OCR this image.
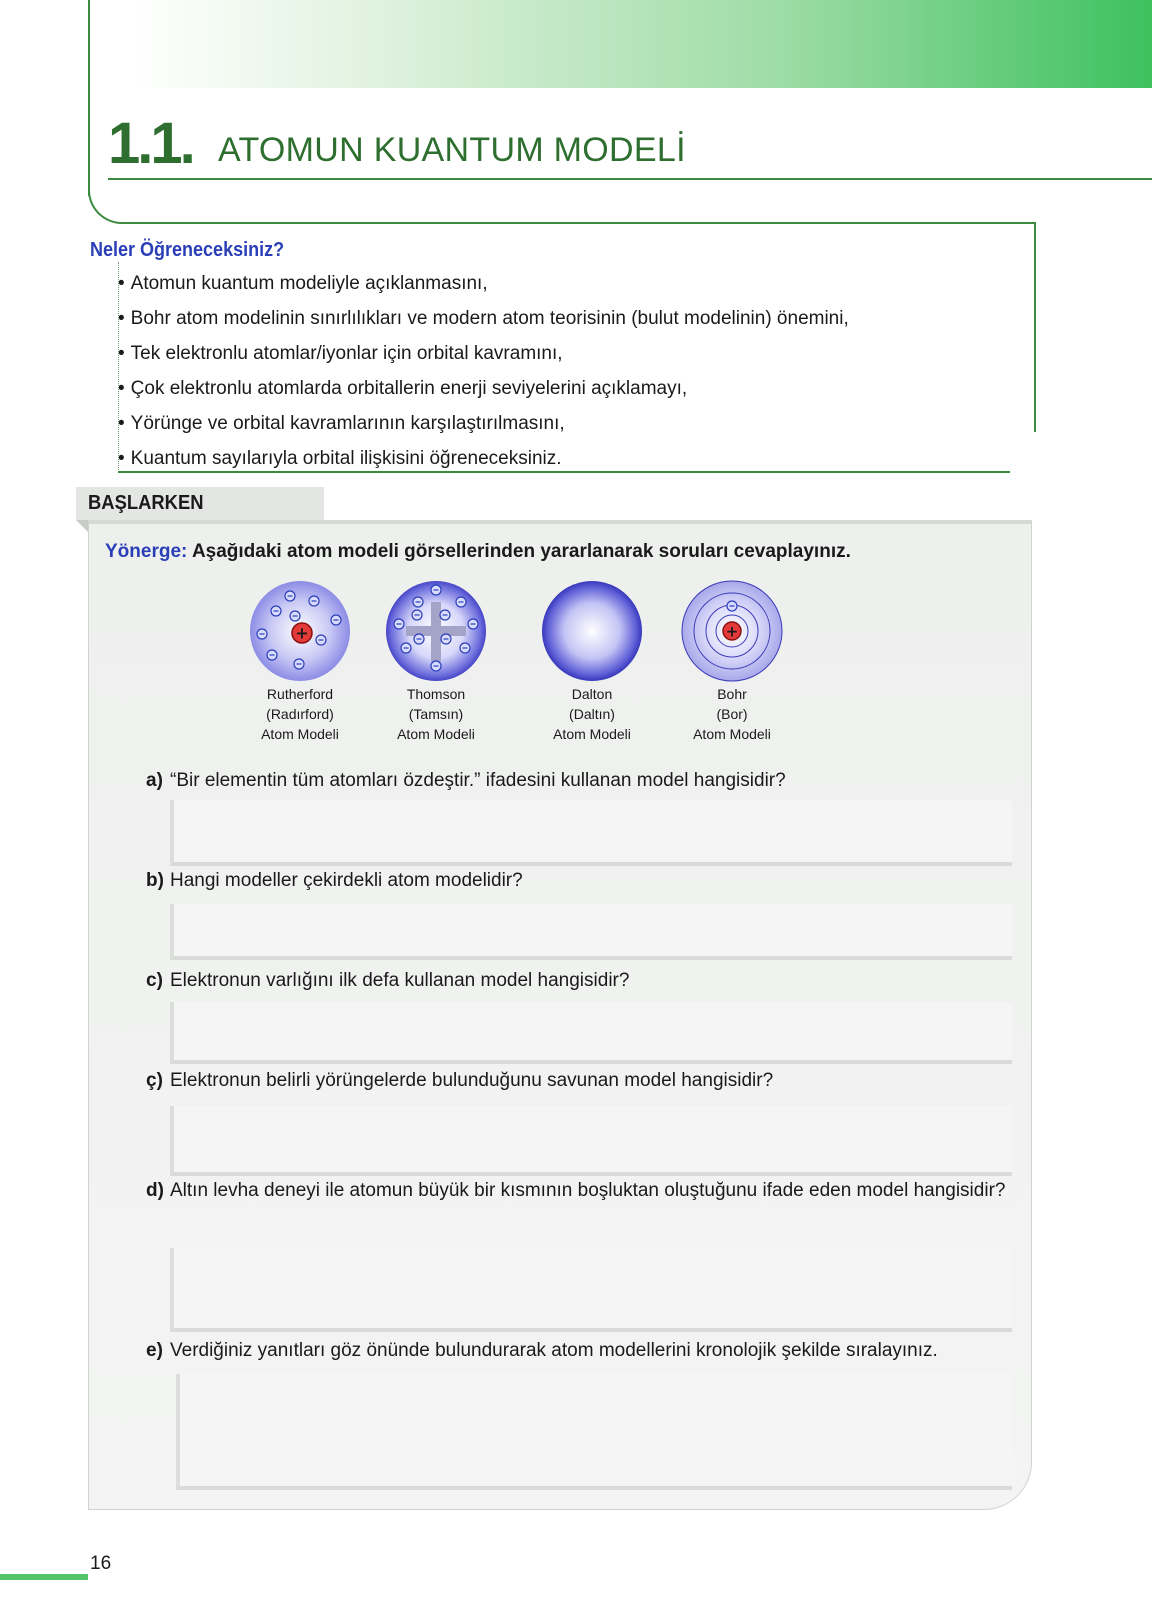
1.1. ATOMUN KUANTUM MODELİ
Neler Öğreneceksiniz?
• Atomun kuantum modeliyle açıklanmasını,
• Bohr atom modelinin sınırlılıkları ve modern atom teorisinin (bulut modelinin) önemini,
• Tek elektronlu atomlar/iyonlar için orbital kavramını,
• Çok elektronlu atomlarda orbitallerin enerji seviyelerini açıklamayı,
• Yörünge ve orbital kavramlarının karşılaştırılmasını,
• Kuantum sayılarıyla orbital ilişkisini öğreneceksiniz.
BAŞLARKEN
Yönerge: Aşağıdaki atom modeli görsellerinden yararlanarak soruları cevaplayınız.
+
Rutherford
(Radırford)
Atom Modeli
Thomson
(Tamsın)
Atom Modeli
Dalton
(Daltın)
Atom Modeli
+
Bohr
(Bor)
Atom Modeli
a) “Bir elementin tüm atomları özdeştir.” ifadesini kullanan model hangisidir?
b) Hangi modeller çekirdekli atom modelidir?
c) Elektronun varlığını ilk defa kullanan model hangisidir?
ç) Elektronun belirli yörüngelerde bulunduğunu savunan model hangisidir?
d) Altın levha deneyi ile atomun büyük bir kısmının boşluktan oluştuğunu ifade eden model hangisidir?
e) Verdiğiniz yanıtları göz önünde bulundurarak atom modellerini kronolojik şekilde sıralayınız.
16
